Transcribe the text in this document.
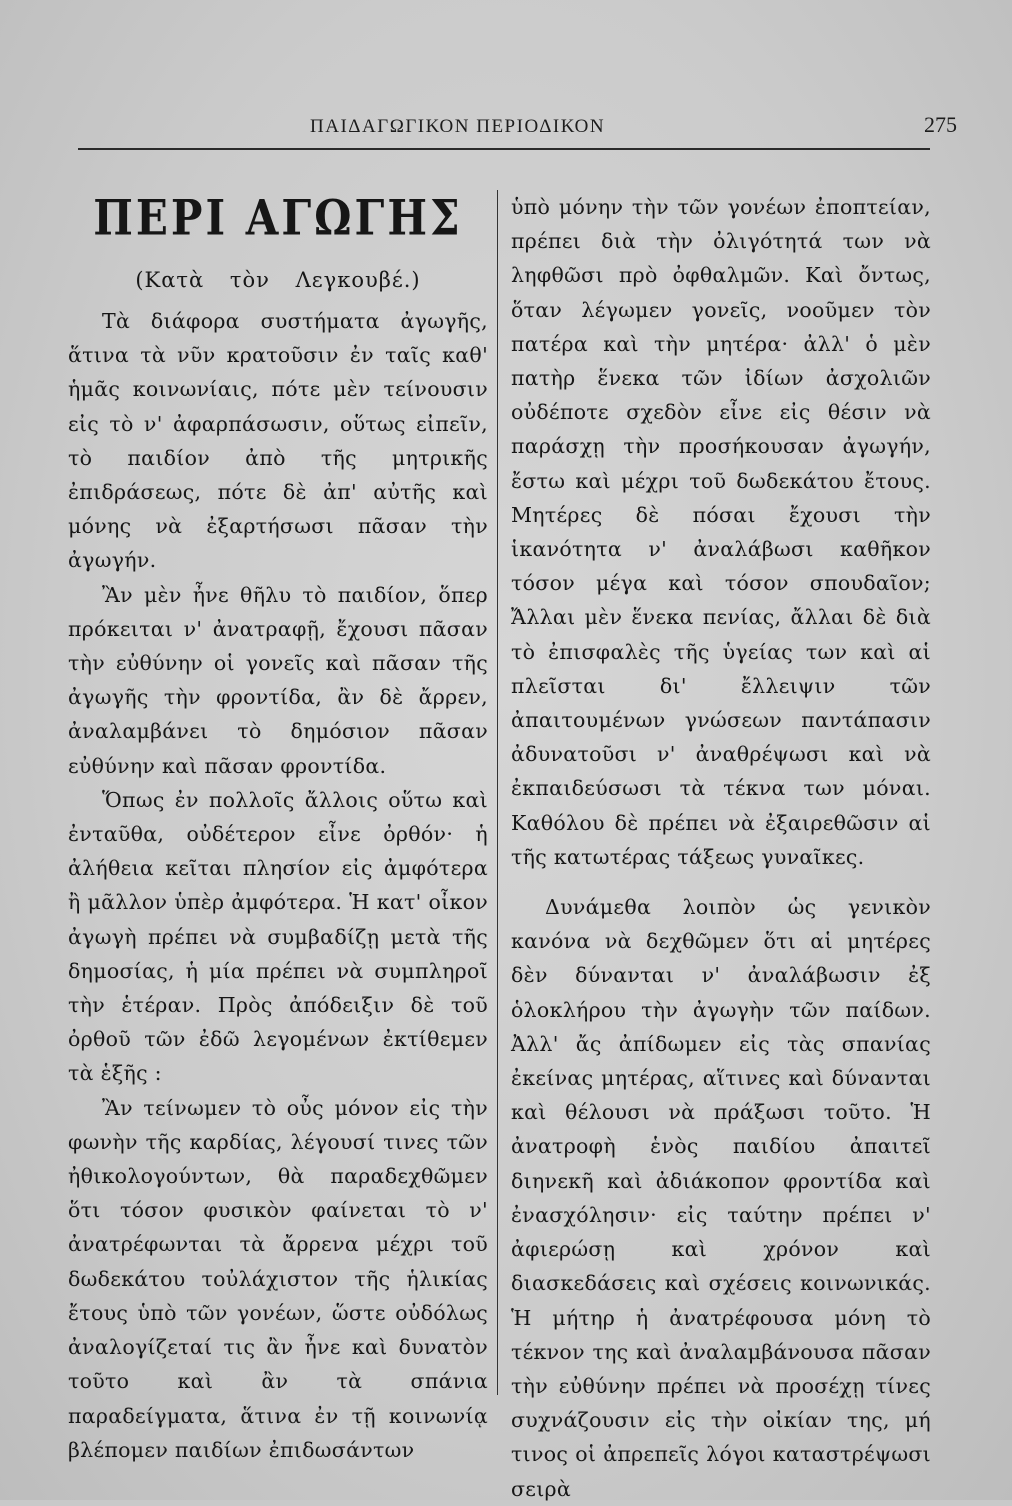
ΠΑΙΔΑΓΩΓΙΚΟΝ ΠΕΡΙΟΔΙΚΟΝ	275
ΠΕΡΙ ΑΓΩΓΗΣ

(Κατὰ τὸν Λεγκουβέ.)

Τὰ διάφορα συστήματα ἀγωγῆς, ἅτινα τὰ νῦν κρατοῦσιν ἐν ταῖς καθ' ἡμᾶς κοινωνίαις, πότε μὲν τείνουσιν εἰς τὸ ν' ἀφαρπάσωσιν, οὕτως εἰπεῖν, τὸ παιδίον ἀπὸ τῆς μητρικῆς ἐπιδράσεως, πότε δὲ ἀπ' αὐτῆς καὶ μόνης νὰ ἐξαρτήσωσι πᾶσαν τὴν ἀγωγήν.

Ἂν μὲν ἦνε θῆλυ τὸ παιδίον, ὅπερ πρόκειται ν' ἀνατραφῇ, ἔχουσι πᾶσαν τὴν εὐθύνην οἱ γονεῖς καὶ πᾶσαν τῆς ἀγωγῆς τὴν φροντίδα, ἂν δὲ ἄρρεν, ἀναλαμβάνει τὸ δημόσιον πᾶσαν εὐθύνην καὶ πᾶσαν φροντίδα.

Ὅπως ἐν πολλοῖς ἄλλοις οὕτω καὶ ἐνταῦθα, οὐδέτερον εἶνε ὀρθόν· ἡ ἀλήθεια κεῖται πλησίον εἰς ἀμφότερα ἢ μᾶλλον ὑπὲρ ἀμφότερα. Ἡ κατ' οἶκον ἀγωγὴ πρέπει νὰ συμβαδίζῃ μετὰ τῆς δημοσίας, ἡ μία πρέπει νὰ συμπληροῖ τὴν ἑτέραν. Πρὸς ἀπόδειξιν δὲ τοῦ ὀρθοῦ τῶν ἐδῶ λεγομένων ἐκτίθεμεν τὰ ἑξῆς :

Ἂν τείνωμεν τὸ οὖς μόνον εἰς τὴν φωνὴν τῆς καρδίας, λέγουσί τινες τῶν ἠθικολογούντων, θὰ παραδεχθῶμεν ὅτι τόσον φυσικὸν φαίνεται τὸ ν' ἀνατρέφωνται τὰ ἄρρενα μέχρι τοῦ δωδεκάτου τοὐλάχιστον τῆς ἡλικίας ἔτους ὑπὸ τῶν γονέων, ὥστε οὐδόλως ἀναλογίζεταί τις ἂν ἦνε καὶ δυνατὸν τοῦτο καὶ ἂν τὰ σπάνια παραδείγματα, ἅτινα ἐν τῇ κοινωνίᾳ βλέπομεν παιδίων ἐπιδωσάντων

ὑπὸ μόνην τὴν τῶν γονέων ἐποπτείαν, πρέπει διὰ τὴν ὀλιγότητά των νὰ ληφθῶσι πρὸ ὀφθαλμῶν. Καὶ ὄντως, ὅταν λέγωμεν γονεῖς, νοοῦμεν τὸν πατέρα καὶ τὴν μητέρα· ἀλλ' ὁ μὲν πατὴρ ἕνεκα τῶν ἰδίων ἀσχολιῶν οὐδέποτε σχεδὸν εἶνε εἰς θέσιν νὰ παράσχῃ τὴν προσήκουσαν ἀγωγήν, ἔστω καὶ μέχρι τοῦ δωδεκάτου ἔτους. Μητέρες δὲ πόσαι ἔχουσι τὴν ἱκανότητα ν' ἀναλάβωσι καθῆκον τόσον μέγα καὶ τόσον σπουδαῖον; Ἄλλαι μὲν ἕνεκα πενίας, ἄλλαι δὲ διὰ τὸ ἐπισφαλὲς τῆς ὑγείας των καὶ αἱ πλεῖσται δι' ἔλλειψιν τῶν ἀπαιτουμένων γνώσεων παντάπασιν ἀδυνατοῦσι ν' ἀναθρέψωσι καὶ νὰ ἐκπαιδεύσωσι τὰ τέκνα των μόναι. Καθόλου δὲ πρέπει νὰ ἐξαιρεθῶσιν αἱ τῆς κατωτέρας τάξεως γυναῖκες.

Δυνάμεθα λοιπὸν ὡς γενικὸν κανόνα νὰ δεχθῶμεν ὅτι αἱ μητέρες δὲν δύνανται ν' ἀναλάβωσιν ἐξ ὁλοκλήρου τὴν ἀγωγὴν τῶν παίδων. Ἀλλ' ἄς ἀπίδωμεν εἰς τὰς σπανίας ἐκείνας μητέρας, αἵτινες καὶ δύνανται καὶ θέλουσι νὰ πράξωσι τοῦτο. Ἡ ἀνατροφὴ ἑνὸς παιδίου ἀπαιτεῖ διηνεκῆ καὶ ἀδιάκοπον φροντίδα καὶ ἐνασχόλησιν· εἰς ταύτην πρέπει ν' ἀφιερώσῃ καὶ χρόνον καὶ διασκεδάσεις καὶ σχέσεις κοινωνικάς. Ἡ μήτηρ ἡ ἀνατρέφουσα μόνη τὸ τέκνον της καὶ ἀναλαμβάνουσα πᾶσαν τὴν εὐθύνην πρέπει νὰ προσέχῃ τίνες συχνάζουσιν εἰς τὴν οἰκίαν της, μή τινος οἱ ἀπρεπεῖς λόγοι καταστρέψωσι σειρὰ
